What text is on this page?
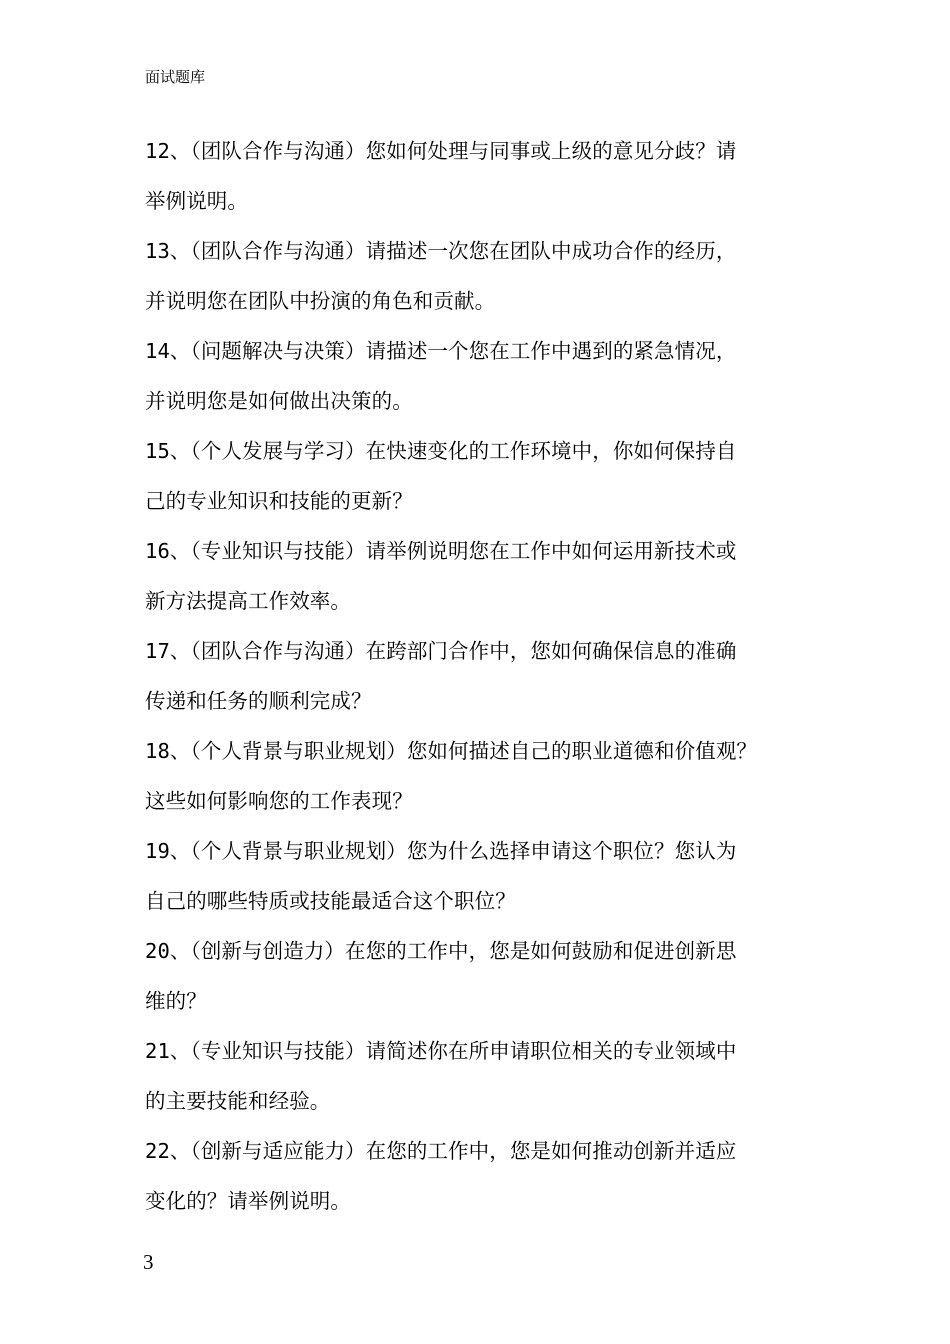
面试题库
12、（团队合作与沟通）您如何处理与同事或上级的意见分歧？请
举例说明。
13、（团队合作与沟通）请描述一次您在团队中成功合作的经历，
并说明您在团队中扮演的角色和贡献。
14、（问题解决与决策）请描述一个您在工作中遇到的紧急情况，
并说明您是如何做出决策的。
15、（个人发展与学习）在快速变化的工作环境中，你如何保持自
己的专业知识和技能的更新？
16、（专业知识与技能）请举例说明您在工作中如何运用新技术或
新方法提高工作效率。
17、（团队合作与沟通）在跨部门合作中，您如何确保信息的准确
传递和任务的顺利完成？
18、（个人背景与职业规划）您如何描述自己的职业道德和价值观？
这些如何影响您的工作表现？
19、（个人背景与职业规划）您为什么选择申请这个职位？您认为
自己的哪些特质或技能最适合这个职位？
20、（创新与创造力）在您的工作中，您是如何鼓励和促进创新思
维的？
21、（专业知识与技能）请简述你在所申请职位相关的专业领域中
的主要技能和经验。
22、（创新与适应能力）在您的工作中，您是如何推动创新并适应
变化的？请举例说明。
3
